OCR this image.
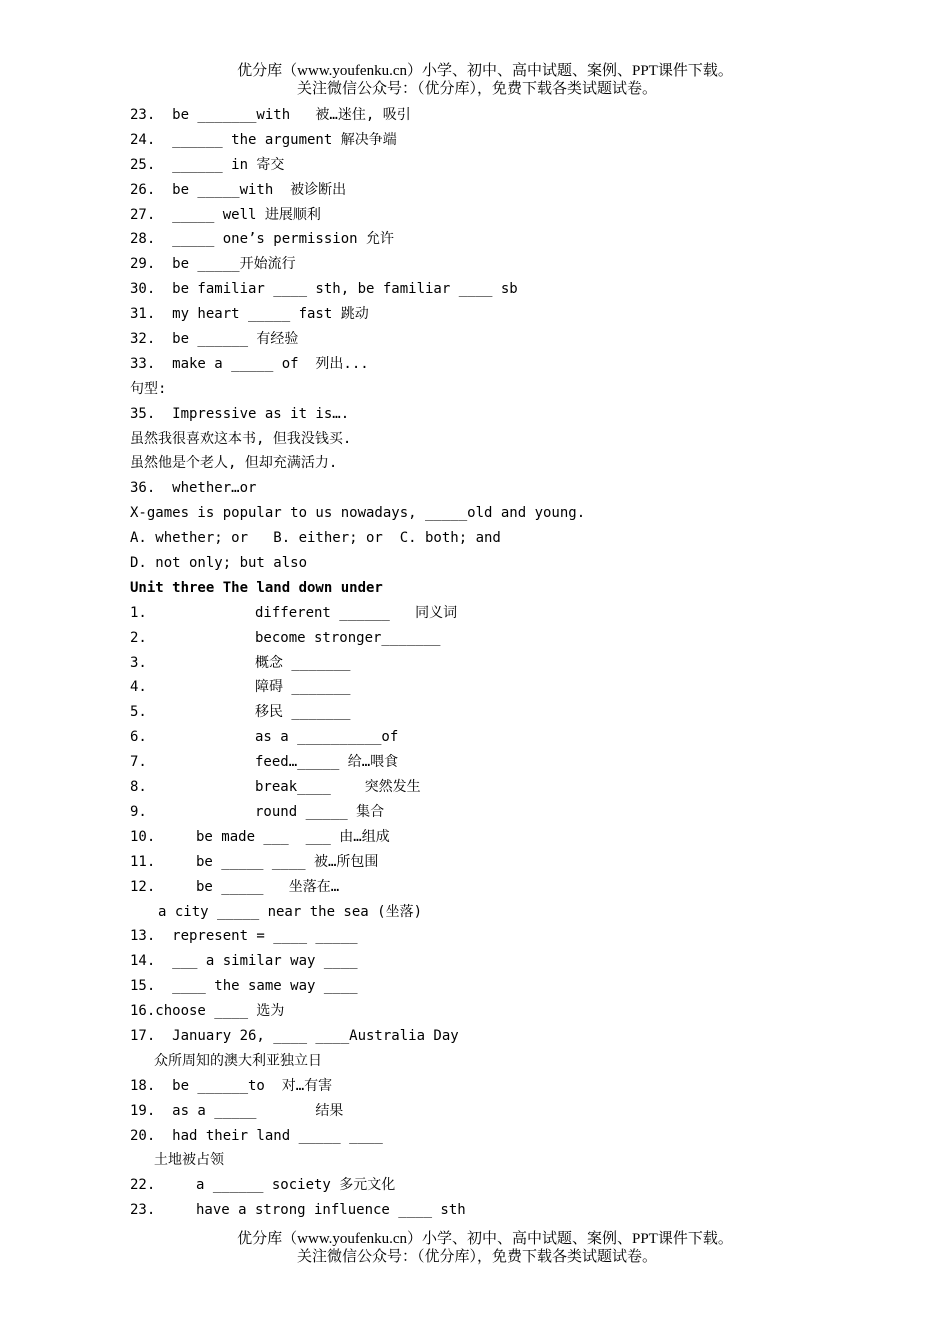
优分库（www.youfenku.cn）小学、初中、高中试题、案例、PPT课件下载。
关注微信公众号：（优分库），免费下载各类试题试卷。
23.  be _______with   被…迷住, 吸引
24.  ______ the argument 解决争端
25.  ______ in 寄交
26.  be _____with  被诊断出
27.  _____ well 进展顺利
28.  _____ one’s permission 允许
29.  be _____开始流行
30.  be familiar ____ sth, be familiar ____ sb
31.  my heart _____ fast 跳动
32.  be ______ 有经验
33.  make a _____ of  列出...
句型:
35.  Impressive as it is….
虽然我很喜欢这本书, 但我没钱买.
虽然他是个老人, 但却充满活力.
36.  whether…or
X-games is popular to us nowadays, _____old and young.
A. whether; or   B. either; or  C. both; and
D. not only; but also
Unit three The land down under
1.	different ______   同义词
2.	become stronger_______
3.	概念 _______
4.	障碍 _______
5.	移民 _______
6.	as a __________of
7.	feed…_____ 给…喂食
8.	break____    突然发生
9.	round _____ 集合
10.	be made ___  ___ 由…组成
11.	be _____ ____ 被…所包围
12.	be _____   坐落在…
a city _____ near the sea (坐落)
13.  represent = ____ _____
14.  ___ a similar way ____
15.  ____ the same way ____
16.choose ____ 选为
17.  January 26, ____ ____Australia Day
众所周知的澳大利亚独立日
18.  be ______to  对…有害
19.  as a _____       结果
20.  had their land _____ ____
土地被占领
22.	a ______ society 多元文化
23.	have a strong influence ____ sth
优分库（www.youfenku.cn）小学、初中、高中试题、案例、PPT课件下载。
关注微信公众号：（优分库），免费下载各类试题试卷。
